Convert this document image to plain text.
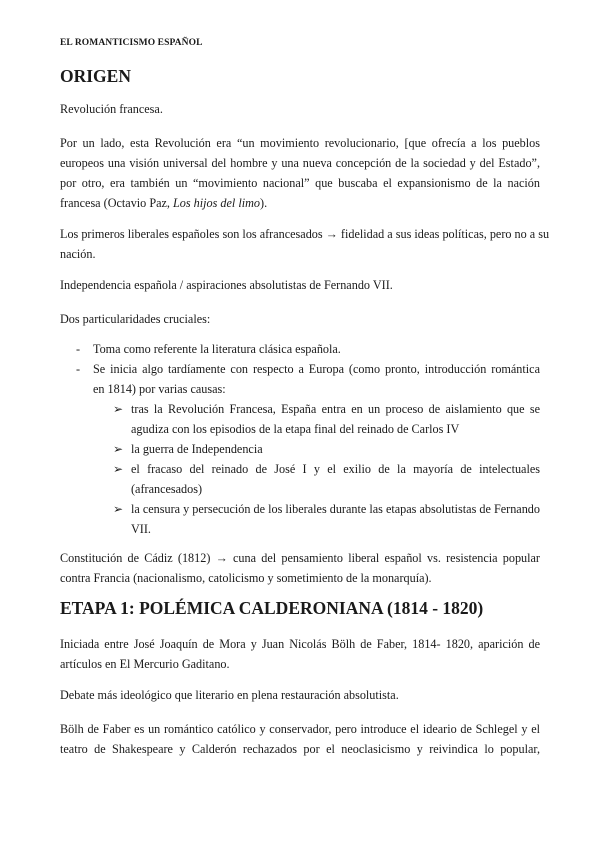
EL ROMANTICISMO ESPAÑOL
ORIGEN

Revolución francesa.

Por un lado, esta Revolución era “un movimiento revolucionario, [que ofrecía a los pueblos
europeos una visión universal del hombre y una nueva concepción de la sociedad y del Estado”,
por otro, era también un “movimiento nacional” que buscaba el expansionismo de la nación
francesa (Octavio Paz, Los hijos del limo).

Los primeros liberales españoles son los afrancesados → fidelidad a sus ideas políticas, pero no a su
nación.

Independencia española / aspiraciones absolutistas de Fernando VII.

Dos particularidades cruciales:

- Toma como referente la literatura clásica española.
- Se inicia algo tardíamente con respecto a Europa (como pronto, introducción romántica
en 1814) por varias causas:
➢ tras la Revolución Francesa, España entra en un proceso de aislamiento que se
agudiza con los episodios de la etapa final del reinado de Carlos IV
➢ la guerra de Independencia
➢ el fracaso del reinado de José I y el exilio de la mayoría de intelectuales
(afrancesados)
➢ la censura y persecución de los liberales durante las etapas absolutistas de Fernando
VII.

Constitución de Cádiz (1812) → cuna del pensamiento liberal español vs. resistencia popular
contra Francia (nacionalismo, catolicismo y sometimiento de la monarquía).

ETAPA 1: POLÉMICA CALDERONIANA (1814 - 1820)

Iniciada entre José Joaquín de Mora y Juan Nicolás Bölh de Faber, 1814- 1820, aparición de
artículos en El Mercurio Gaditano.

Debate más ideológico que literario en plena restauración absolutista.

Bölh de Faber es un romántico católico y conservador, pero introduce el ideario de Schlegel y el
teatro de Shakespeare y Calderón rechazados por el neoclasicismo y reivindica lo popular,
